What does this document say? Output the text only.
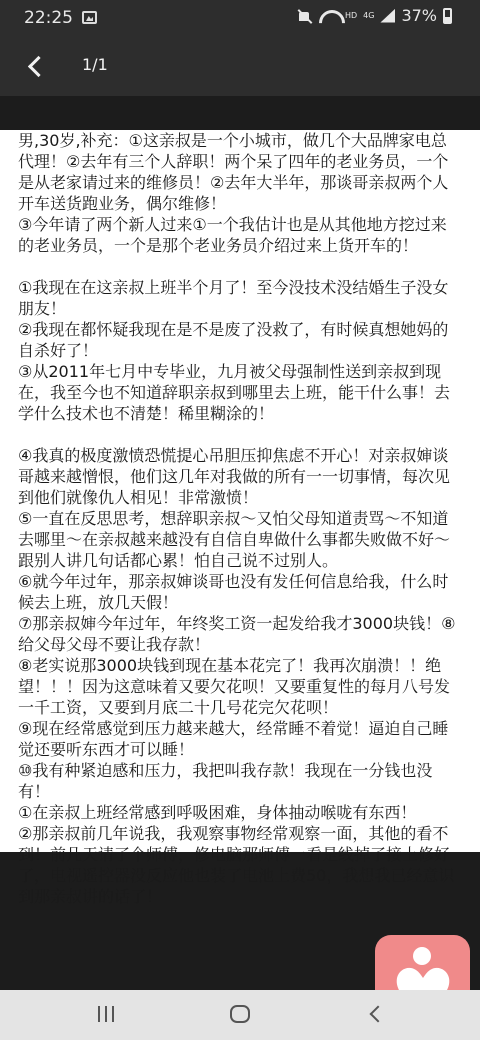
22:25	HD 4G 37%
1/1

男,30岁,补充：①这亲叔是一个小城市，做几个大品牌家电总代理！②去年有三个人辞职！两个呆了四年的老业务员，一个是从老家请过来的维修员！②去年大半年，那谈哥亲叔两个人开车送货跑业务，偶尔维修！

③今年请了两个新人过来①一个我估计也是从其他地方挖过来的老业务员，一个是那个老业务员介绍过来上货开车的！

①我现在在这亲叔上班半个月了！至今没技术没结婚生子没女朋友！

②我现在都怀疑我现在是不是废了没救了，有时候真想她妈的自杀好了！

③从2011年七月中专毕业，九月被父母强制性送到亲叔到现在，我至今也不知道辞职亲叔到哪里去上班，能干什么事！去学什么技术也不清楚！稀里糊涂的！

④我真的极度激愤恐慌提心吊胆压抑焦虑不开心！对亲叔婶谈哥越来越憎恨，他们这几年对我做的所有一一切事情，每次见到他们就像仇人相见！非常激愤！

⑤一直在反思思考，想辞职亲叔～又怕父母知道责骂～不知道去哪里～在亲叔越来越没有自信自卑做什么事都失败做不好～跟别人讲几句话都心累！怕自己说不过别人。

⑥就今年过年，那亲叔婶谈哥也没有发任何信息给我，什么时候去上班，放几天假！

⑦那亲叔婶今年过年，年终奖工资一起发给我才3000块钱！⑧给父母父母不要让我存款！

⑧老实说那3000块钱到现在基本花完了！我再次崩溃！！绝望！！！因为这意味着又要欠花呗！又要重复性的每月八号发一千工资，又要到月底二十几号花完欠花呗！

⑨现在经常感觉到压力越来越大，经常睡不着觉！逼迫自己睡觉还要听东西才可以睡！

⑩我有种紧迫感和压力，我把叫我存款！我现在一分钱也没有！

①在亲叔上班经常感到呼吸困难，身体抽动喉咙有东西！

②那亲叔前几年说我，我观察事物经常观察一面，其他的看不到！前几天请了个师傅，修电脑那师傅一看是线掉了接上修好了，电视遥控器没反应他也装了电池上费50，我想我已经意识到那亲叔讲的话了！
